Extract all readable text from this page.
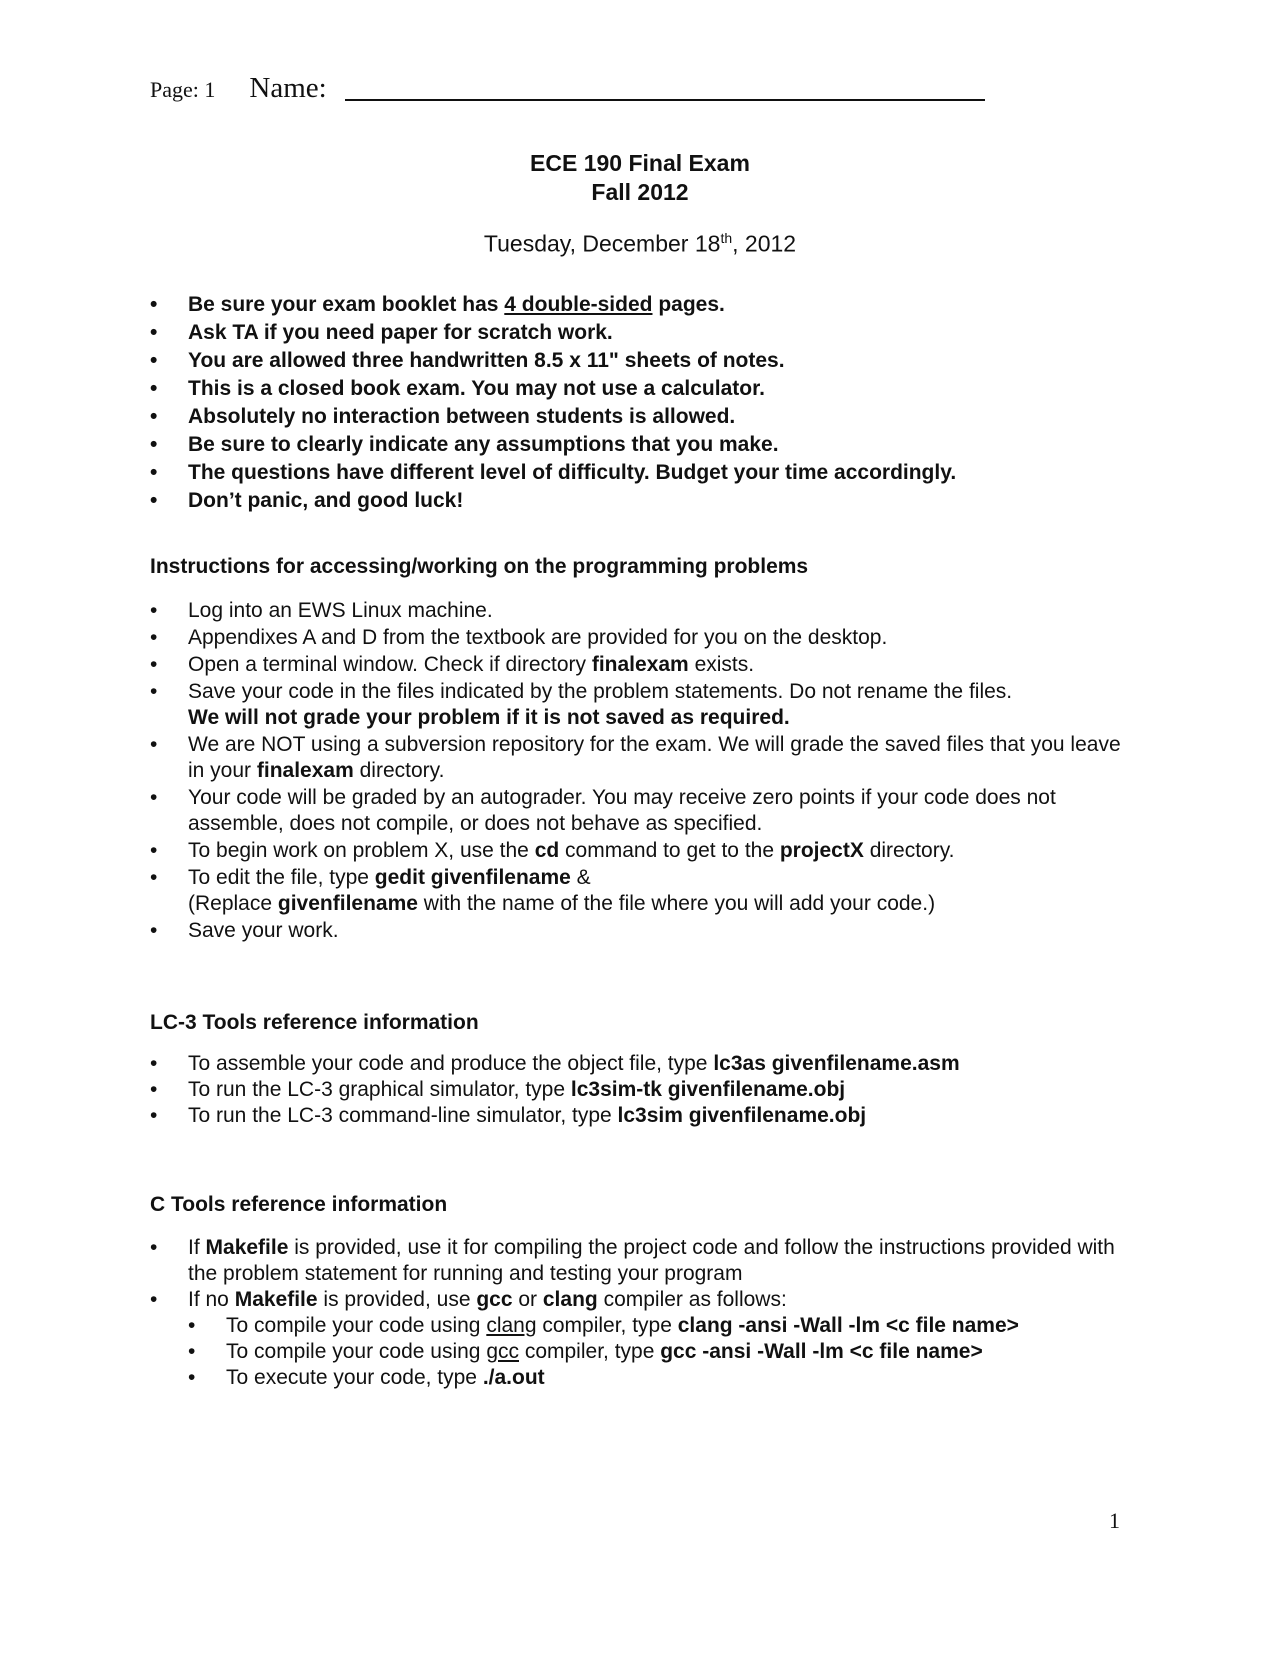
Page: 1 Name:
ECE 190 Final Exam
Fall 2012
Tuesday, December 18th, 2012
• Be sure your exam booklet has 4 double-sided pages.
• Ask TA if you need paper for scratch work.
• You are allowed three handwritten 8.5 x 11" sheets of notes.
• This is a closed book exam. You may not use a calculator.
• Absolutely no interaction between students is allowed.
• Be sure to clearly indicate any assumptions that you make.
• The questions have different level of difficulty. Budget your time accordingly.
• Don’t panic, and good luck!
Instructions for accessing/working on the programming problems
• Log into an EWS Linux machine.
• Appendixes A and D from the textbook are provided for you on the desktop.
• Open a terminal window. Check if directory finalexam exists.
• Save your code in the files indicated by the problem statements. Do not rename the files.
We will not grade your problem if it is not saved as required.
• We are NOT using a subversion repository for the exam. We will grade the saved files that you leave in your finalexam directory.
• Your code will be graded by an autograder. You may receive zero points if your code does not assemble, does not compile, or does not behave as specified.
• To begin work on problem X, use the cd command to get to the projectX directory.
• To edit the file, type gedit givenfilename &
(Replace givenfilename with the name of the file where you will add your code.)
• Save your work.
LC-3 Tools reference information
• To assemble your code and produce the object file, type lc3as givenfilename.asm
• To run the LC-3 graphical simulator, type lc3sim-tk givenfilename.obj
• To run the LC-3 command-line simulator, type lc3sim givenfilename.obj
C Tools reference information
• If Makefile is provided, use it for compiling the project code and follow the instructions provided with the problem statement for running and testing your program
• If no Makefile is provided, use gcc or clang compiler as follows:
• To compile your code using clang compiler, type clang -ansi -Wall -lm <c file name>
• To compile your code using gcc compiler, type gcc -ansi -Wall -lm <c file name>
• To execute your code, type ./a.out
1
